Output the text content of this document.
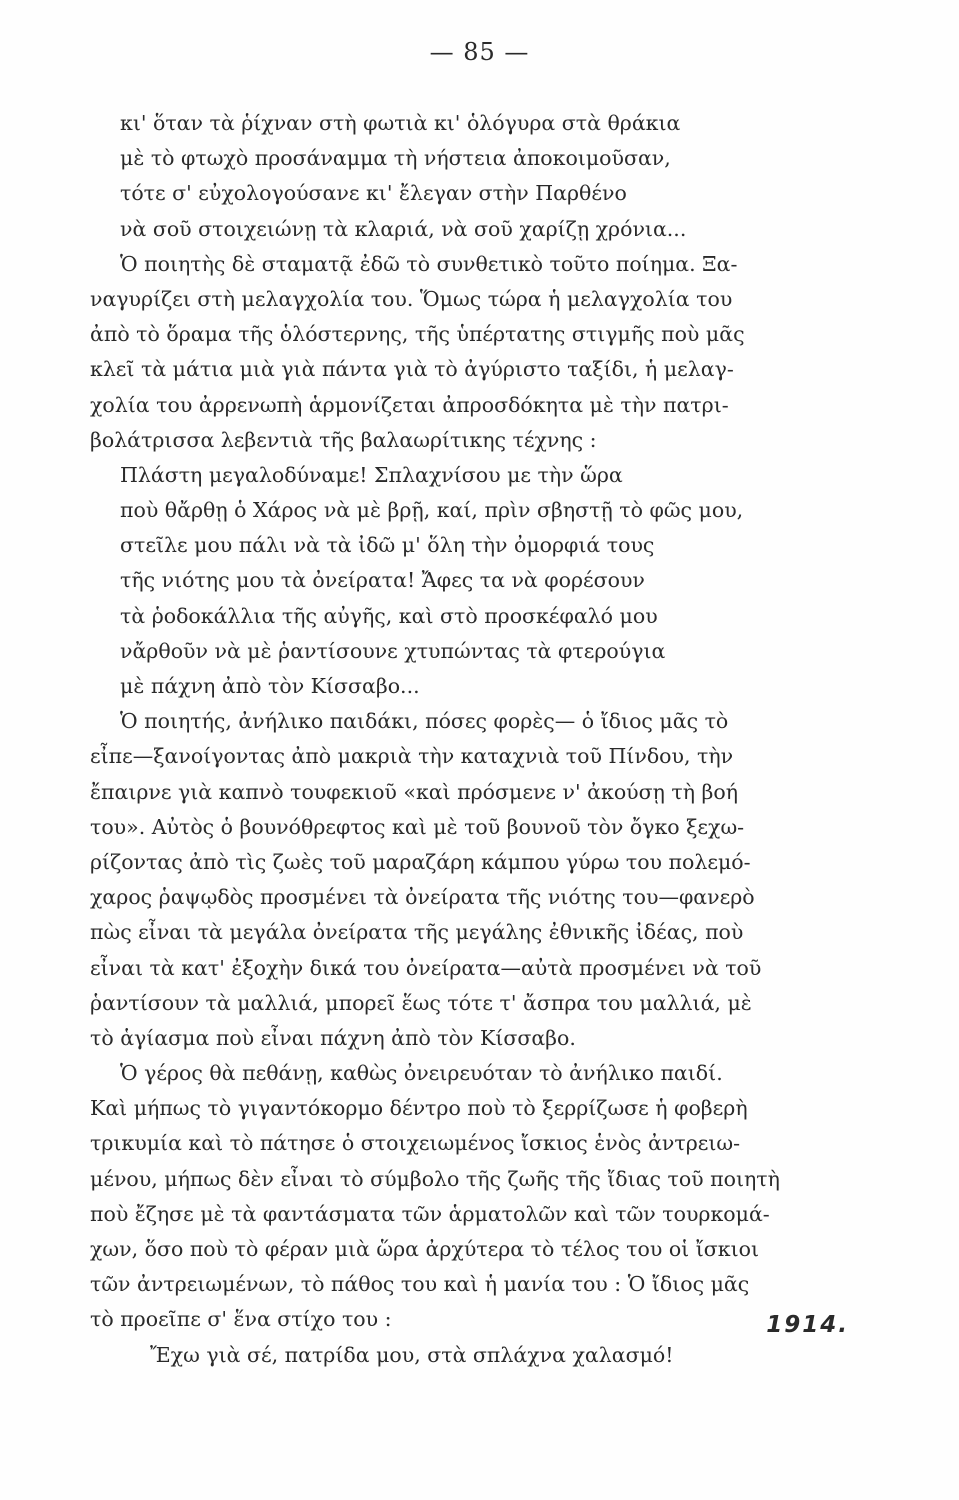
— 85 —
κι' ὅταν τὰ ῥίχναν στὴ φωτιὰ κι' ὁλόγυρα στὰ θράκια
μὲ τὸ φτωχὸ προσάναμμα τὴ νήστεια ἀποκοιμοῦσαν,
τότε σ' εὐχολογούσανε κι' ἔλεγαν στὴν Παρθένο
νὰ σοῦ στοιχειώνῃ τὰ κλαριά, νὰ σοῦ χαρίζῃ χρόνια...
Ὁ ποιητὴς δὲ σταματᾷ ἐδῶ τὸ συνθετικὸ τοῦτο ποίημα. Ξα-
ναγυρίζει στὴ μελαγχολία του. Ὅμως τώρα ἡ μελαγχολία του
ἀπὸ τὸ ὅραμα τῆς ὁλόστερνης, τῆς ὑπέρτατης στιγμῆς ποὺ μᾶς
κλεῖ τὰ μάτια μιὰ γιὰ πάντα γιὰ τὸ ἀγύριστο ταξίδι, ἡ μελαγ-
χολία του ἀρρενωπὴ ἁρμονίζεται ἀπροσδόκητα μὲ τὴν πατρι-
βολάτρισσα λεβεντιὰ τῆς βαλαωρίτικης τέχνης :
Πλάστη μεγαλοδύναμε! Σπλαχνίσου με τὴν ὥρα
ποὺ θἄρθῃ ὁ Χάρος νὰ μὲ βρῇ, καί, πρὶν σβηστῇ τὸ φῶς μου,
στεῖλε μου πάλι νὰ τὰ ἰδῶ μ' ὅλη τὴν ὀμορφιά τους
τῆς νιότης μου τὰ ὀνείρατα! Ἄφες τα νὰ φορέσουν
τὰ ῥοδοκάλλια τῆς αὐγῆς, καὶ στὸ προσκέφαλό μου
νἄρθοῦν νὰ μὲ ῥαντίσουνε χτυπώντας τὰ φτερούγια
μὲ πάχνη ἀπὸ τὸν Κίσσαβο...
Ὁ ποιητής, ἀνήλικο παιδάκι, πόσες φορὲς— ὁ ἴδιος μᾶς τὸ
εἶπε—ξανοίγοντας ἀπὸ μακριὰ τὴν καταχνιὰ τοῦ Πίνδου, τὴν
ἔπαιρνε γιὰ καπνὸ τουφεκιοῦ «καὶ πρόσμενε ν' ἀκούσῃ τὴ βοή
του». Αὐτὸς ὁ βουνόθρεφτος καὶ μὲ τοῦ βουνοῦ τὸν ὄγκο ξεχω-
ρίζοντας ἀπὸ τὶς ζωὲς τοῦ μαραζάρη κάμπου γύρω του πολεμό-
χαρος ῥαψῳδὸς προσμένει τὰ ὀνείρατα τῆς νιότης του—φανερὸ
πὼς εἶναι τὰ μεγάλα ὀνείρατα τῆς μεγάλης ἐθνικῆς ἰδέας, ποὺ
εἶναι τὰ κατ' ἐξοχὴν δικά του ὀνείρατα—αὐτὰ προσμένει νὰ τοῦ
ῥαντίσουν τὰ μαλλιά, μπορεῖ ἕως τότε τ' ἄσπρα του μαλλιά, μὲ
τὸ ἁγίασμα ποὺ εἶναι πάχνη ἀπὸ τὸν Κίσσαβο.
Ὁ γέρος θὰ πεθάνῃ, καθὼς ὀνειρευόταν τὸ ἀνήλικο παιδί.
Καὶ μήπως τὸ γιγαντόκορμο δέντρο ποὺ τὸ ξερρίζωσε ἡ φοβερὴ
τρικυμία καὶ τὸ πάτησε ὁ στοιχειωμένος ἴσκιος ἑνὸς ἀντρειω-
μένου, μήπως δὲν εἶναι τὸ σύμβολο τῆς ζωῆς τῆς ἴδιας τοῦ ποιητὴ
ποὺ ἔζησε μὲ τὰ φαντάσματα τῶν ἁρματολῶν καὶ τῶν τουρκομά-
χων, ὅσο ποὺ τὸ φέραν μιὰ ὥρα ἀρχύτερα τὸ τέλος του οἱ ἴσκιοι
τῶν ἀντρειωμένων, τὸ πάθος του καὶ ἡ μανία του : Ὁ ἴδιος μᾶς
τὸ προεῖπε σ' ἕνα στίχο του :
Ἔχω γιὰ σέ, πατρίδα μου, στὰ σπλάχνα χαλασμό!
1914.
